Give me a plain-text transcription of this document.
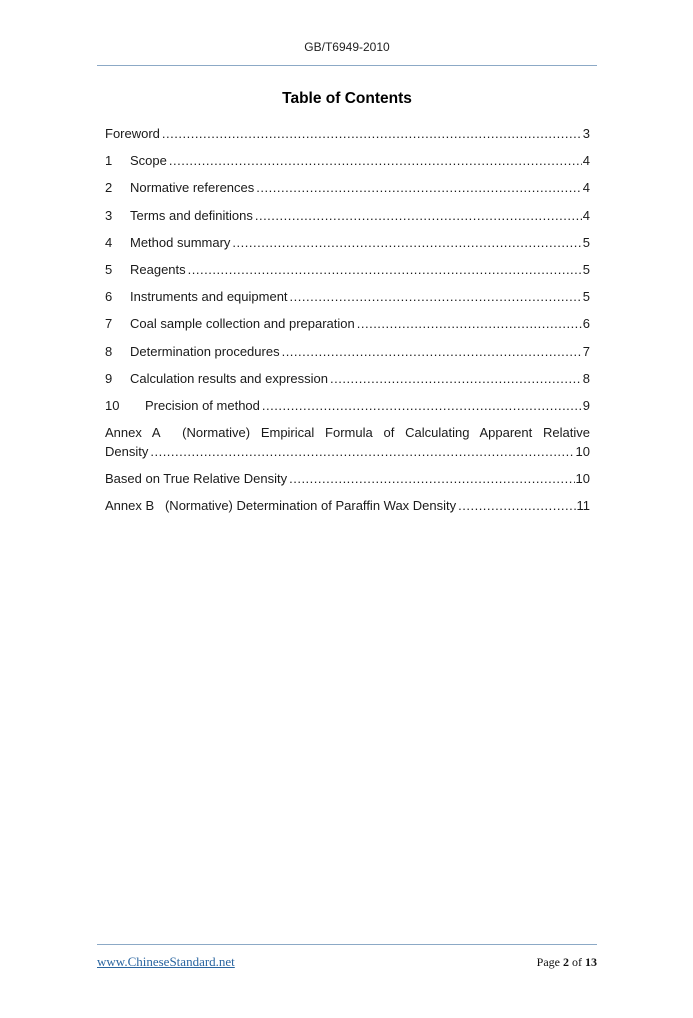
GB/T6949-2010
Table of Contents
Foreword .....	3
1	Scope .....	4
2	Normative references .....	4
3	Terms and definitions .....	4
4	Method summary .....	5
5	Reagents .....	5
6	Instruments and equipment .....	5
7	Coal sample collection and preparation .....	6
8	Determination procedures .....	7
9	Calculation results and expression .....	8
10	Precision of method .....	9
Annex A  (Normative) Empirical Formula of Calculating Apparent Relative
Density .....	10
Based on True Relative Density .....	10
Annex B   (Normative) Determination of Paraffin Wax Density .....	11
www.ChineseStandard.net	Page 2 of 13
